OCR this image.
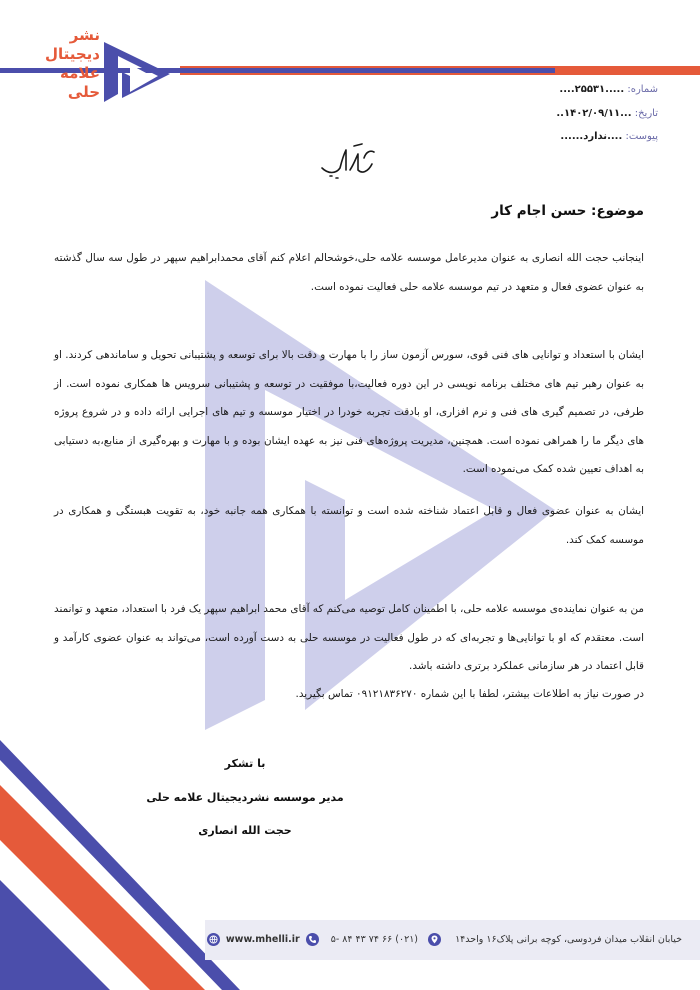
نشر
دیجیتال
علامه
حلی	شماره: .....۲۵۵۳۱....
تاریخ: ...۱۴۰۲/۰۹/۱۱..
پیوست: ....ندارد......
موضوع: حسن اجام کار
اینجانب حجت الله انصاری به عنوان مدیرعامل موسسه علامه حلی،خوشحالم اعلام کنم آقای محمدابراهیم سپهر در طول سه سال گذشته به عنوان عضوی فعال و متعهد در تیم موسسه علامه حلی فعالیت نموده است.
ایشان با استعداد و توانایی های فنی قوی، سورس آزمون ساز را با مهارت و دقت بالا برای توسعه و پشتیبانی تحویل و ساماندهی کردند. او به عنوان رهبر تیم های مختلف برنامه نویسی در این دوره فعالیت،با موفقیت در توسعه و پشتیبانی سرویس ها همکاری نموده است. از طرفی، در تصمیم گیری های فنی و نرم افزاری، او بادقت تجربه خودرا در اختیار موسسه و تیم های اجرایی ارائه داده و در شروع پروژه های دیگر ما را همراهی نموده است. همچنین، مدیریت پروژه‌های فنی نیز به عهده ایشان بوده و با مهارت و بهره‌گیری از منابع،به دستیابی به اهداف تعیین شده کمک می‌نموده است.
ایشان به عنوان عضوی فعال و قابل اعتماد شناخته شده است و توانسته با همکاری همه جانبه خود، به تقویت هبستگی و همکاری در موسسه کمک کند.
من به عنوان نماینده‌ی موسسه علامه حلی، با اطمینان کامل توصیه می‌کنم که آقای محمد ابراهیم سپهر یک فرد با استعداد، متعهد و توانمند است. معتقدم که او با توانایی‌ها و تجربه‌ای که در طول فعالیت در موسسه حلی به دست آورده است، می‌تواند به عنوان عضوی کارآمد و قابل اعتماد در هر سازمانی عملکرد برتری داشته باشد.
در صورت نیاز به اطلاعات بیشتر، لطفا با این شماره ۰۹۱۲۱۸۳۶۲۷۰ تماس بگیرید.
با تشکر
مدیر موسسه نشردیجیتال علامه حلی
حجت الله انصاری
خیابان انقلاب میدان فردوسی، کوچه برانی پلاک۱۶ واحد۱۴
(۰۲۱) ۶۶ ۷۴ ۴۳ ۸۴ -۵
www.mhelli.ir
